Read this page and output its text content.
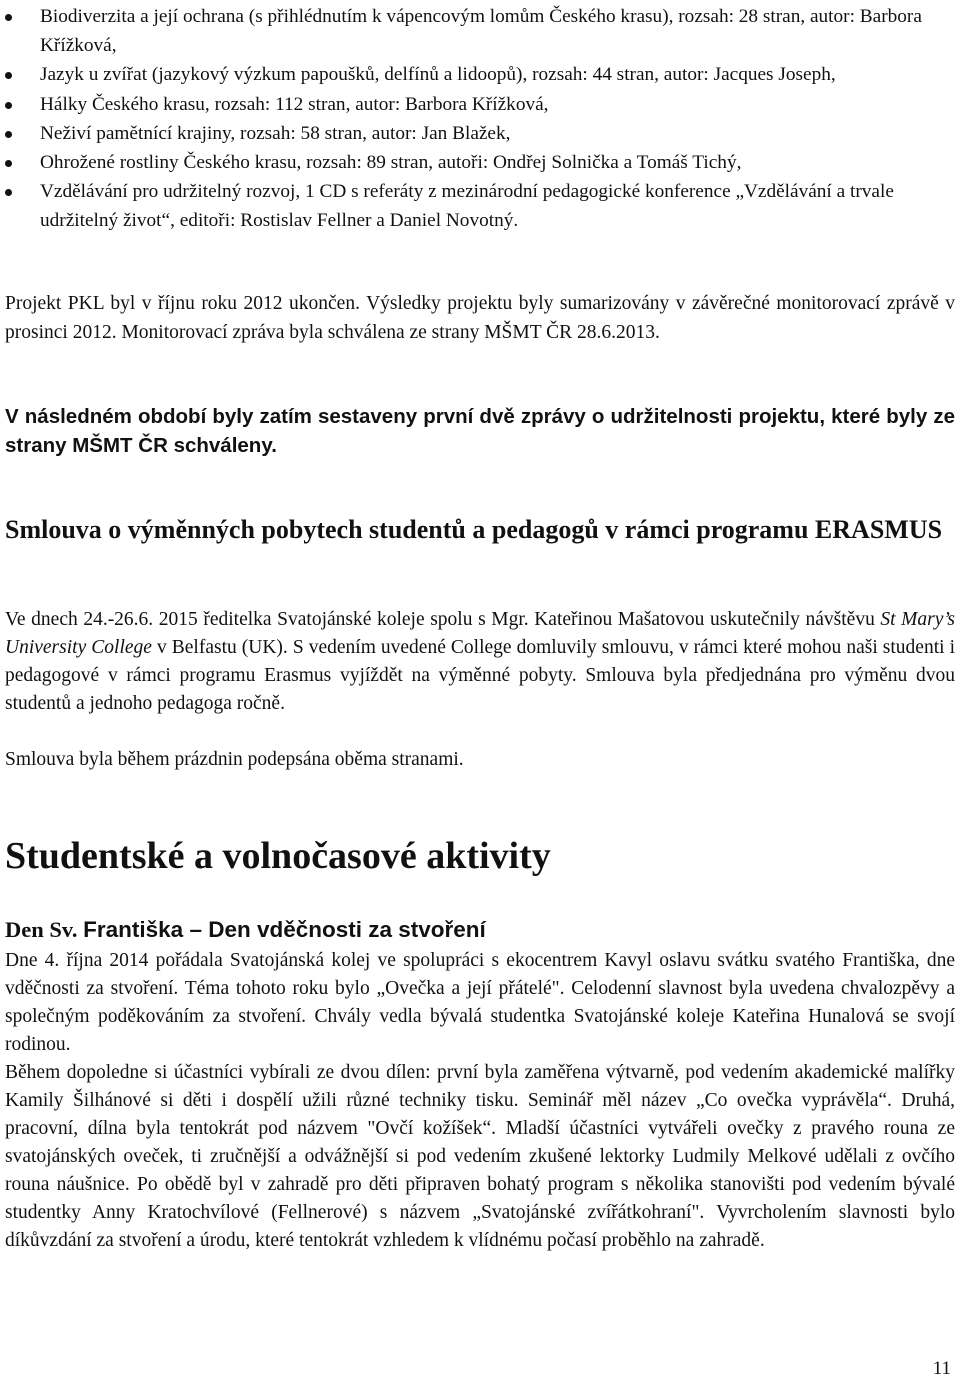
Biodiverzita a její ochrana (s přihlédnutím k vápencovým lomům Českého krasu), rozsah: 28 stran, autor: Barbora Křížková,
Jazyk u zvířat (jazykový výzkum papoušků, delfínů a lidoopů), rozsah: 44 stran, autor: Jacques Joseph,
Hálky Českého krasu, rozsah: 112 stran, autor: Barbora Křížková,
Neživí pamětnící krajiny, rozsah: 58 stran, autor: Jan Blažek,
Ohrožené rostliny Českého krasu, rozsah: 89 stran, autoři: Ondřej Solnička a Tomáš Tichý,
Vzdělávání pro udržitelný rozvoj, 1 CD s referáty z mezinárodní pedagogické konference „Vzdělávání a trvale udržitelný život“, editoři: Rostislav Fellner a Daniel Novotný.

Projekt PKL byl v říjnu roku 2012 ukončen. Výsledky projektu byly sumarizovány v závěrečné monitorovací zprávě v prosinci 2012. Monitorovací zpráva byla schválena ze strany MŠMT ČR 28.6.2013.

V následném období byly zatím sestaveny první dvě zprávy o udržitelnosti projektu, které byly ze strany MŠMT ČR schváleny.

Smlouva o výměnných pobytech studentů a pedagogů v rámci programu ERASMUS

Ve dnech 24.-26.6. 2015 ředitelka Svatojánské koleje spolu s Mgr. Kateřinou Mašatovou uskutečnily návštěvu St Mary’s University College v Belfastu (UK). S vedením uvedené College domluvily smlouvu, v rámci které mohou naši studenti i pedagogové v rámci programu Erasmus vyjíždět na výměnné pobyty. Smlouva byla předjednána pro výměnu dvou studentů a jednoho pedagoga ročně.

Smlouva byla během prázdnin podepsána oběma stranami.

Studentské a volnočasové aktivity
Den Sv. Františka – Den vděčnosti za stvoření

Dne 4. října 2014 pořádala Svatojánská kolej ve spolupráci s ekocentrem Kavyl oslavu svátku svatého Františka, dne vděčnosti za stvoření. Téma tohoto roku bylo „Ovečka a její přátelé". Celodenní slavnost byla uvedena chvalozpěvy a společným poděkováním za stvoření. Chvály vedla bývalá studentka Svatojánské koleje Kateřina Hunalová se svojí rodinou.

Během dopoledne si účastníci vybírali ze dvou dílen: první byla zaměřena výtvarně, pod vedením akademické malířky Kamily Šilhánové si děti i dospělí užili různé techniky tisku. Seminář měl název „Co ovečka vyprávěla“. Druhá, pracovní, dílna byla tentokrát pod názvem "Ovčí kožíšek“. Mladší účastníci vytvářeli ovečky z pravého rouna ze svatojánských oveček, ti zručnější a odvážnější si pod vedením zkušené lektorky Ludmily Melkové udělali z ovčího rouna náušnice. Po obědě byl v zahradě pro děti připraven bohatý program s několika stanovišti pod vedením bývalé studentky Anny Kratochvílové (Fellnerové) s názvem „Svatojánské zvířátkohraní". Vyvrcholením slavnosti bylo díkůvzdání za stvoření a úrodu, které tentokrát vzhledem k vlídnému počasí proběhlo na zahradě.

11
